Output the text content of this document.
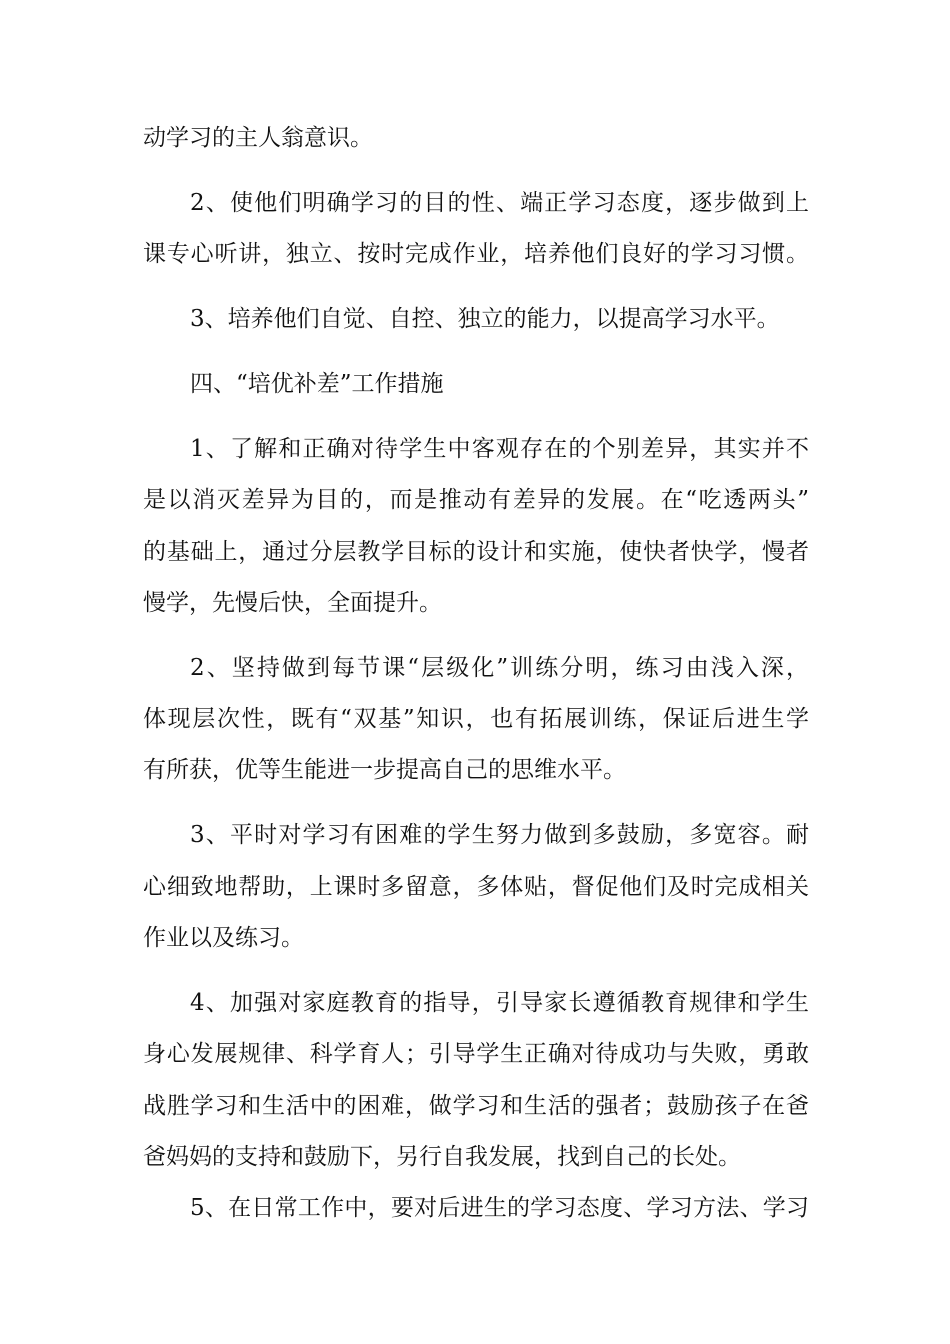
动学习的主人翁意识。
2、使他们明确学习的目的性、端正学习态度，逐步做到上
课专心听讲，独立、按时完成作业，培养他们良好的学习习惯。
3、培养他们自觉、自控、独立的能力，以提高学习水平。
四、“培优补差”工作措施
1、了解和正确对待学生中客观存在的个别差异，其实并不
是以消灭差异为目的，而是推动有差异的发展。在“吃透两头”
的基础上，通过分层教学目标的设计和实施，使快者快学，慢者
慢学，先慢后快，全面提升。
2、坚持做到每节课“层级化”训练分明，练习由浅入深，
体现层次性，既有“双基”知识，也有拓展训练，保证后进生学
有所获，优等生能进一步提高自己的思维水平。
3、平时对学习有困难的学生努力做到多鼓励，多宽容。耐
心细致地帮助，上课时多留意，多体贴，督促他们及时完成相关
作业以及练习。
4、加强对家庭教育的指导，引导家长遵循教育规律和学生
身心发展规律、科学育人；引导学生正确对待成功与失败，勇敢
战胜学习和生活中的困难，做学习和生活的强者；鼓励孩子在爸
爸妈妈的支持和鼓励下，另行自我发展，找到自己的长处。
5、在日常工作中，要对后进生的学习态度、学习方法、学习
